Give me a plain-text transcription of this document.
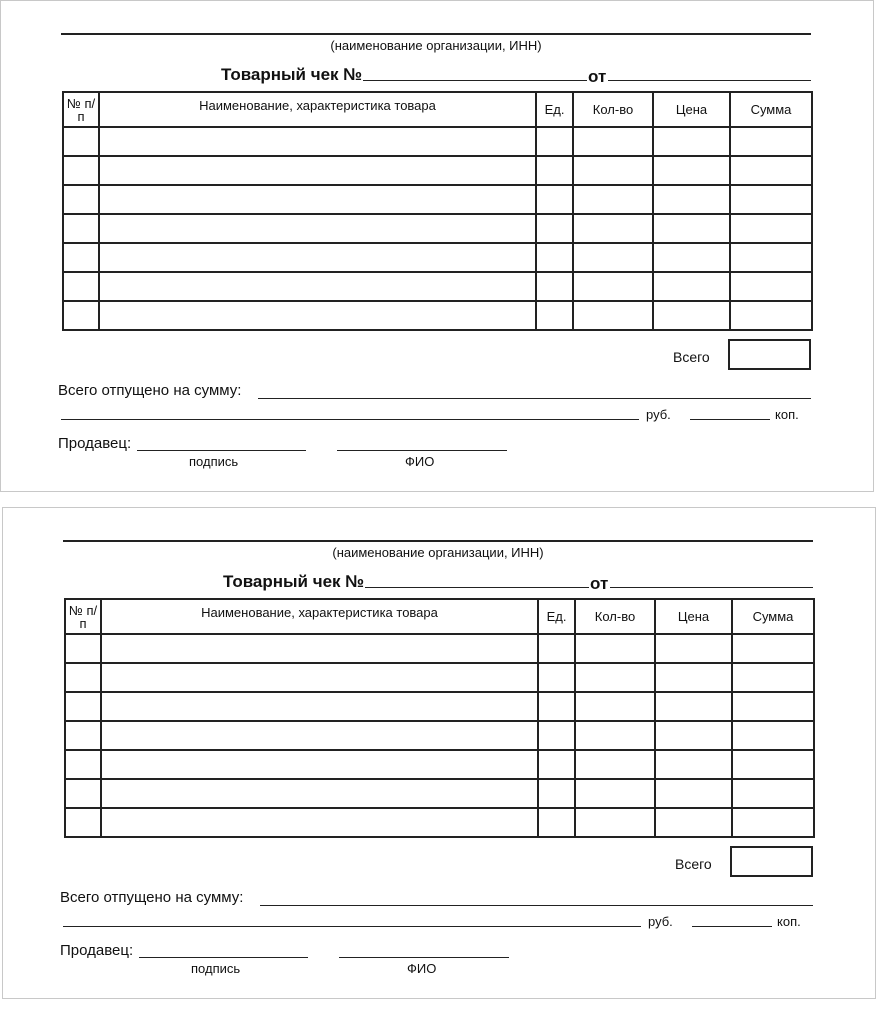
(наименование организации, ИНН)
Товарный чек №	от
№ п/п	Наименование, характеристика товара	Ед.	Кол-во	Цена	Сумма

Всего
Всего отпущено на сумму:
руб.	коп.
Продавец:
подпись	ФИО
(наименование организации, ИНН)
Товарный чек №	от
№ п/п	Наименование, характеристика товара	Ед.	Кол-во	Цена	Сумма

Всего
Всего отпущено на сумму:
руб.	коп.
Продавец:
подпись	ФИО
